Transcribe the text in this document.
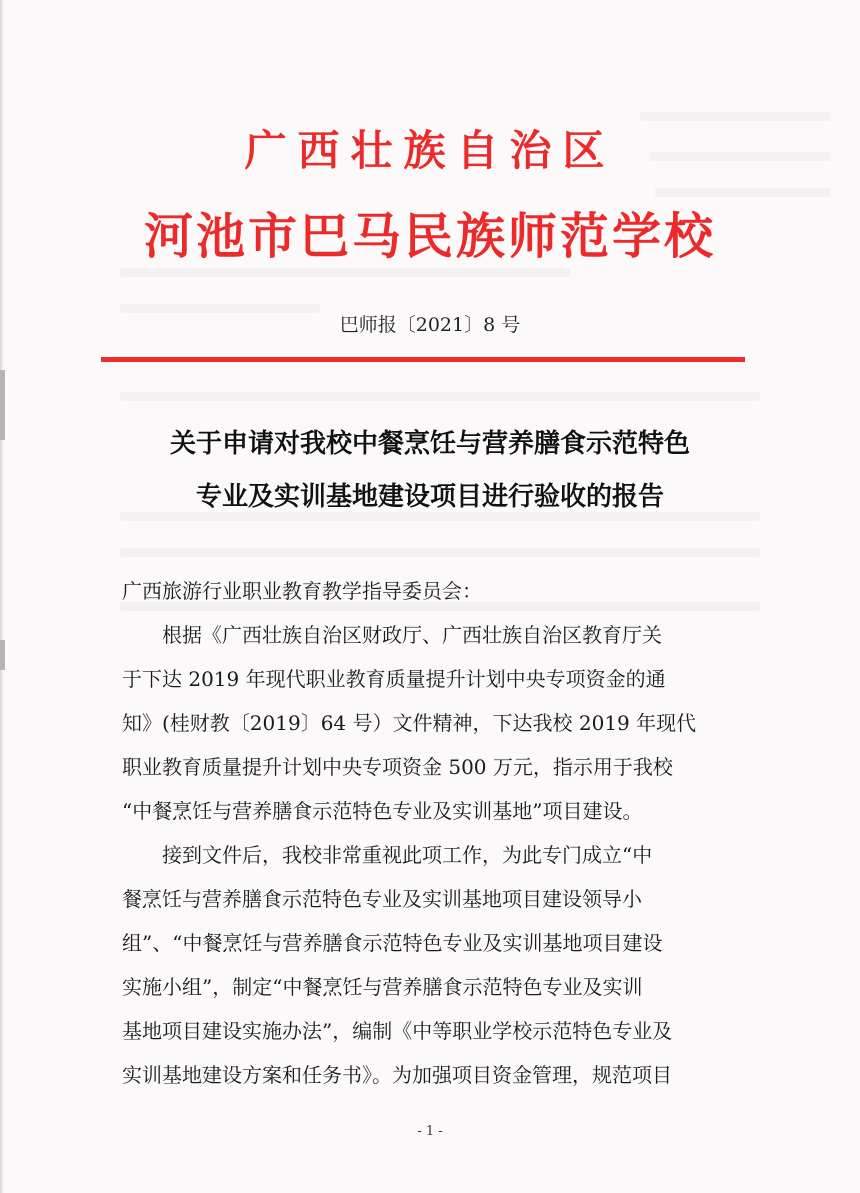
广西壮族自治区
河池市巴马民族师范学校
巴师报〔2021〕8 号
关于申请对我校中餐烹饪与营养膳食示范特色
专业及实训基地建设项目进行验收的报告
广西旅游行业职业教育教学指导委员会：
根据《广西壮族自治区财政厅、广西壮族自治区教育厅关
于下达 2019 年现代职业教育质量提升计划中央专项资金的通
知》(桂财教〔2019〕64 号）文件精神，下达我校 2019 年现代
职业教育质量提升计划中央专项资金 500 万元，指示用于我校
“中餐烹饪与营养膳食示范特色专业及实训基地”项目建设。
接到文件后，我校非常重视此项工作，为此专门成立“中
餐烹饪与营养膳食示范特色专业及实训基地项目建设领导小
组”、“中餐烹饪与营养膳食示范特色专业及实训基地项目建设
实施小组”，制定“中餐烹饪与营养膳食示范特色专业及实训
基地项目建设实施办法”，编制《中等职业学校示范特色专业及
实训基地建设方案和任务书》。为加强项目资金管理，规范项目
- 1 -
